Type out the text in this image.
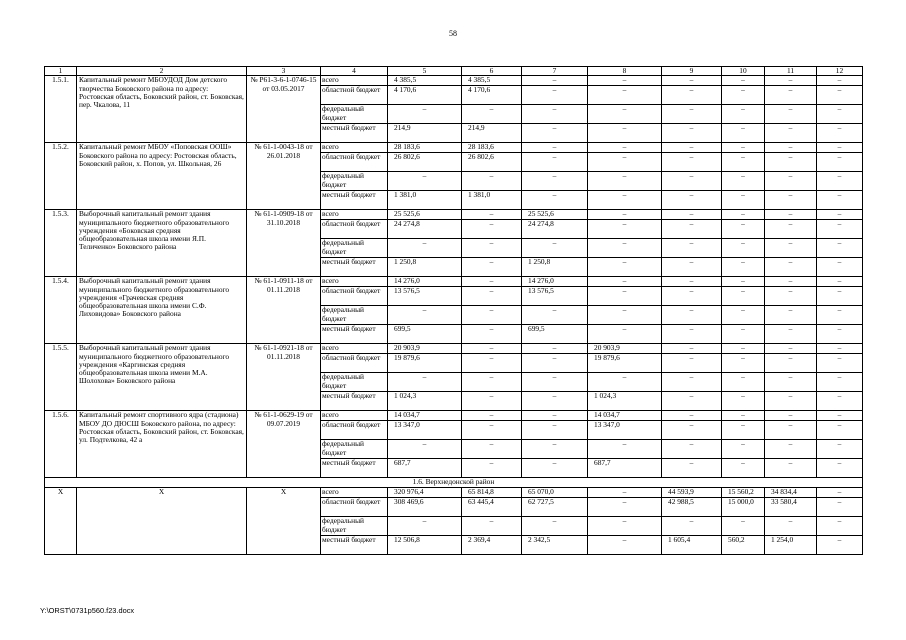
58
1	2	3	4	5	6	7	8	9	10	11	12
1.5.1.	Капитальный ремонт МБОУДОД Дом детского творчества Боковского района по адресу: Ростовская область, Боковский район, ст. Боковская, пер. Чкалова, 11	№ Р61-3-6-1-0746-15 от 03.05.2017	всего	4 385,5	4 385,5	–	–	–	–	–	–
			областной бюджет	4 170,6	4 170,6	–	–	–	–	–	–
			федеральный бюджет	–	–	–	–	–	–	–	–
			местный бюджет	214,9	214,9	–	–	–	–	–	–
1.5.2.	Капитальный ремонт МБОУ «Поповская ООШ» Боковского района по адресу: Ростовская область, Боковский район, х. Попов, ул. Школьная, 26	№ 61-1-0043-18 от 26.01.2018	всего	28 183,6	28 183,6	–	–	–	–	–	–
			областной бюджет	26 802,6	26 802,6	–	–	–	–	–	–
			федеральный бюджет	–	–	–	–	–	–	–	–
			местный бюджет	1 381,0	1 381,0	–	–	–	–	–	–
1.5.3.	Выборочный капитальный ремонт здания муниципального бюджетного образовательного учреждения «Боковская средняя общеобразовательная школа имени Я.П. Теличенко» Боковского района	№ 61-1-0909-18 от 31.10.2018	всего	25 525,6	–	25 525,6	–	–	–	–	–
			областной бюджет	24 274,8	–	24 274,8	–	–	–	–	–
			федеральный бюджет	–	–	–	–	–	–	–	–
			местный бюджет	1 250,8	–	1 250,8	–	–	–	–	–
1.5.4.	Выборочный капитальный ремонт здания муниципального бюджетного образовательного учреждения «Грачевская средняя общеобразовательная школа имени С.Ф. Лиховидова» Боковского района	№ 61-1-0911-18 от 01.11.2018	всего	14 276,0	–	14 276,0	–	–	–	–	–
			областной бюджет	13 576,5	–	13 576,5	–	–	–	–	–
			федеральный бюджет	–	–	–	–	–	–	–	–
			местный бюджет	699,5	–	699,5	–	–	–	–	–
1.5.5.	Выборочный капитальный ремонт здания муниципального бюджетного образовательного учреждения «Каргинская средняя общеобразовательная школа имени М.А. Шолохова» Боковского района	№ 61-1-0921-18 от 01.11.2018	всего	20 903,9	–	–	20 903,9	–	–	–	–
			областной бюджет	19 879,6	–	–	19 879,6	–	–	–	–
			федеральный бюджет	–	–	–	–	–	–	–	–
			местный бюджет	1 024,3	–	–	1 024,3	–	–	–	–
1.5.6.	Капитальный ремонт спортивного ядра (стадиона) МБОУ ДО ДЮСШ Боковского района, по адресу: Ростовская область, Боковский район, ст. Боковская, ул. Подтелкова, 42 а	№ 61-1-0629-19 от 09.07.2019	всего	14 034,7	–	–	14 034,7	–	–	–	–
			областной бюджет	13 347,0	–	–	13 347,0	–	–	–	–
			федеральный бюджет	–	–	–	–	–	–	–	–
			местный бюджет	687,7	–	–	687,7	–	–	–	–
1.6. Верхнедонской район											
Х	Х	Х	всего	320 976,4	65 814,8	65 070,0	–	44 593,9	15 560,2	34 834,4	–
			областной бюджет	308 469,6	63 445,4	62 727,5	–	42 988,5	15 000,0	33 580,4	–
			федеральный бюджет	–	–	–	–	–	–	–	–
			местный бюджет	12 506,8	2 369,4	2 342,5	–	1 605,4	560,2	1 254,0	–
Y:\ORST\0731p560.f23.docx
